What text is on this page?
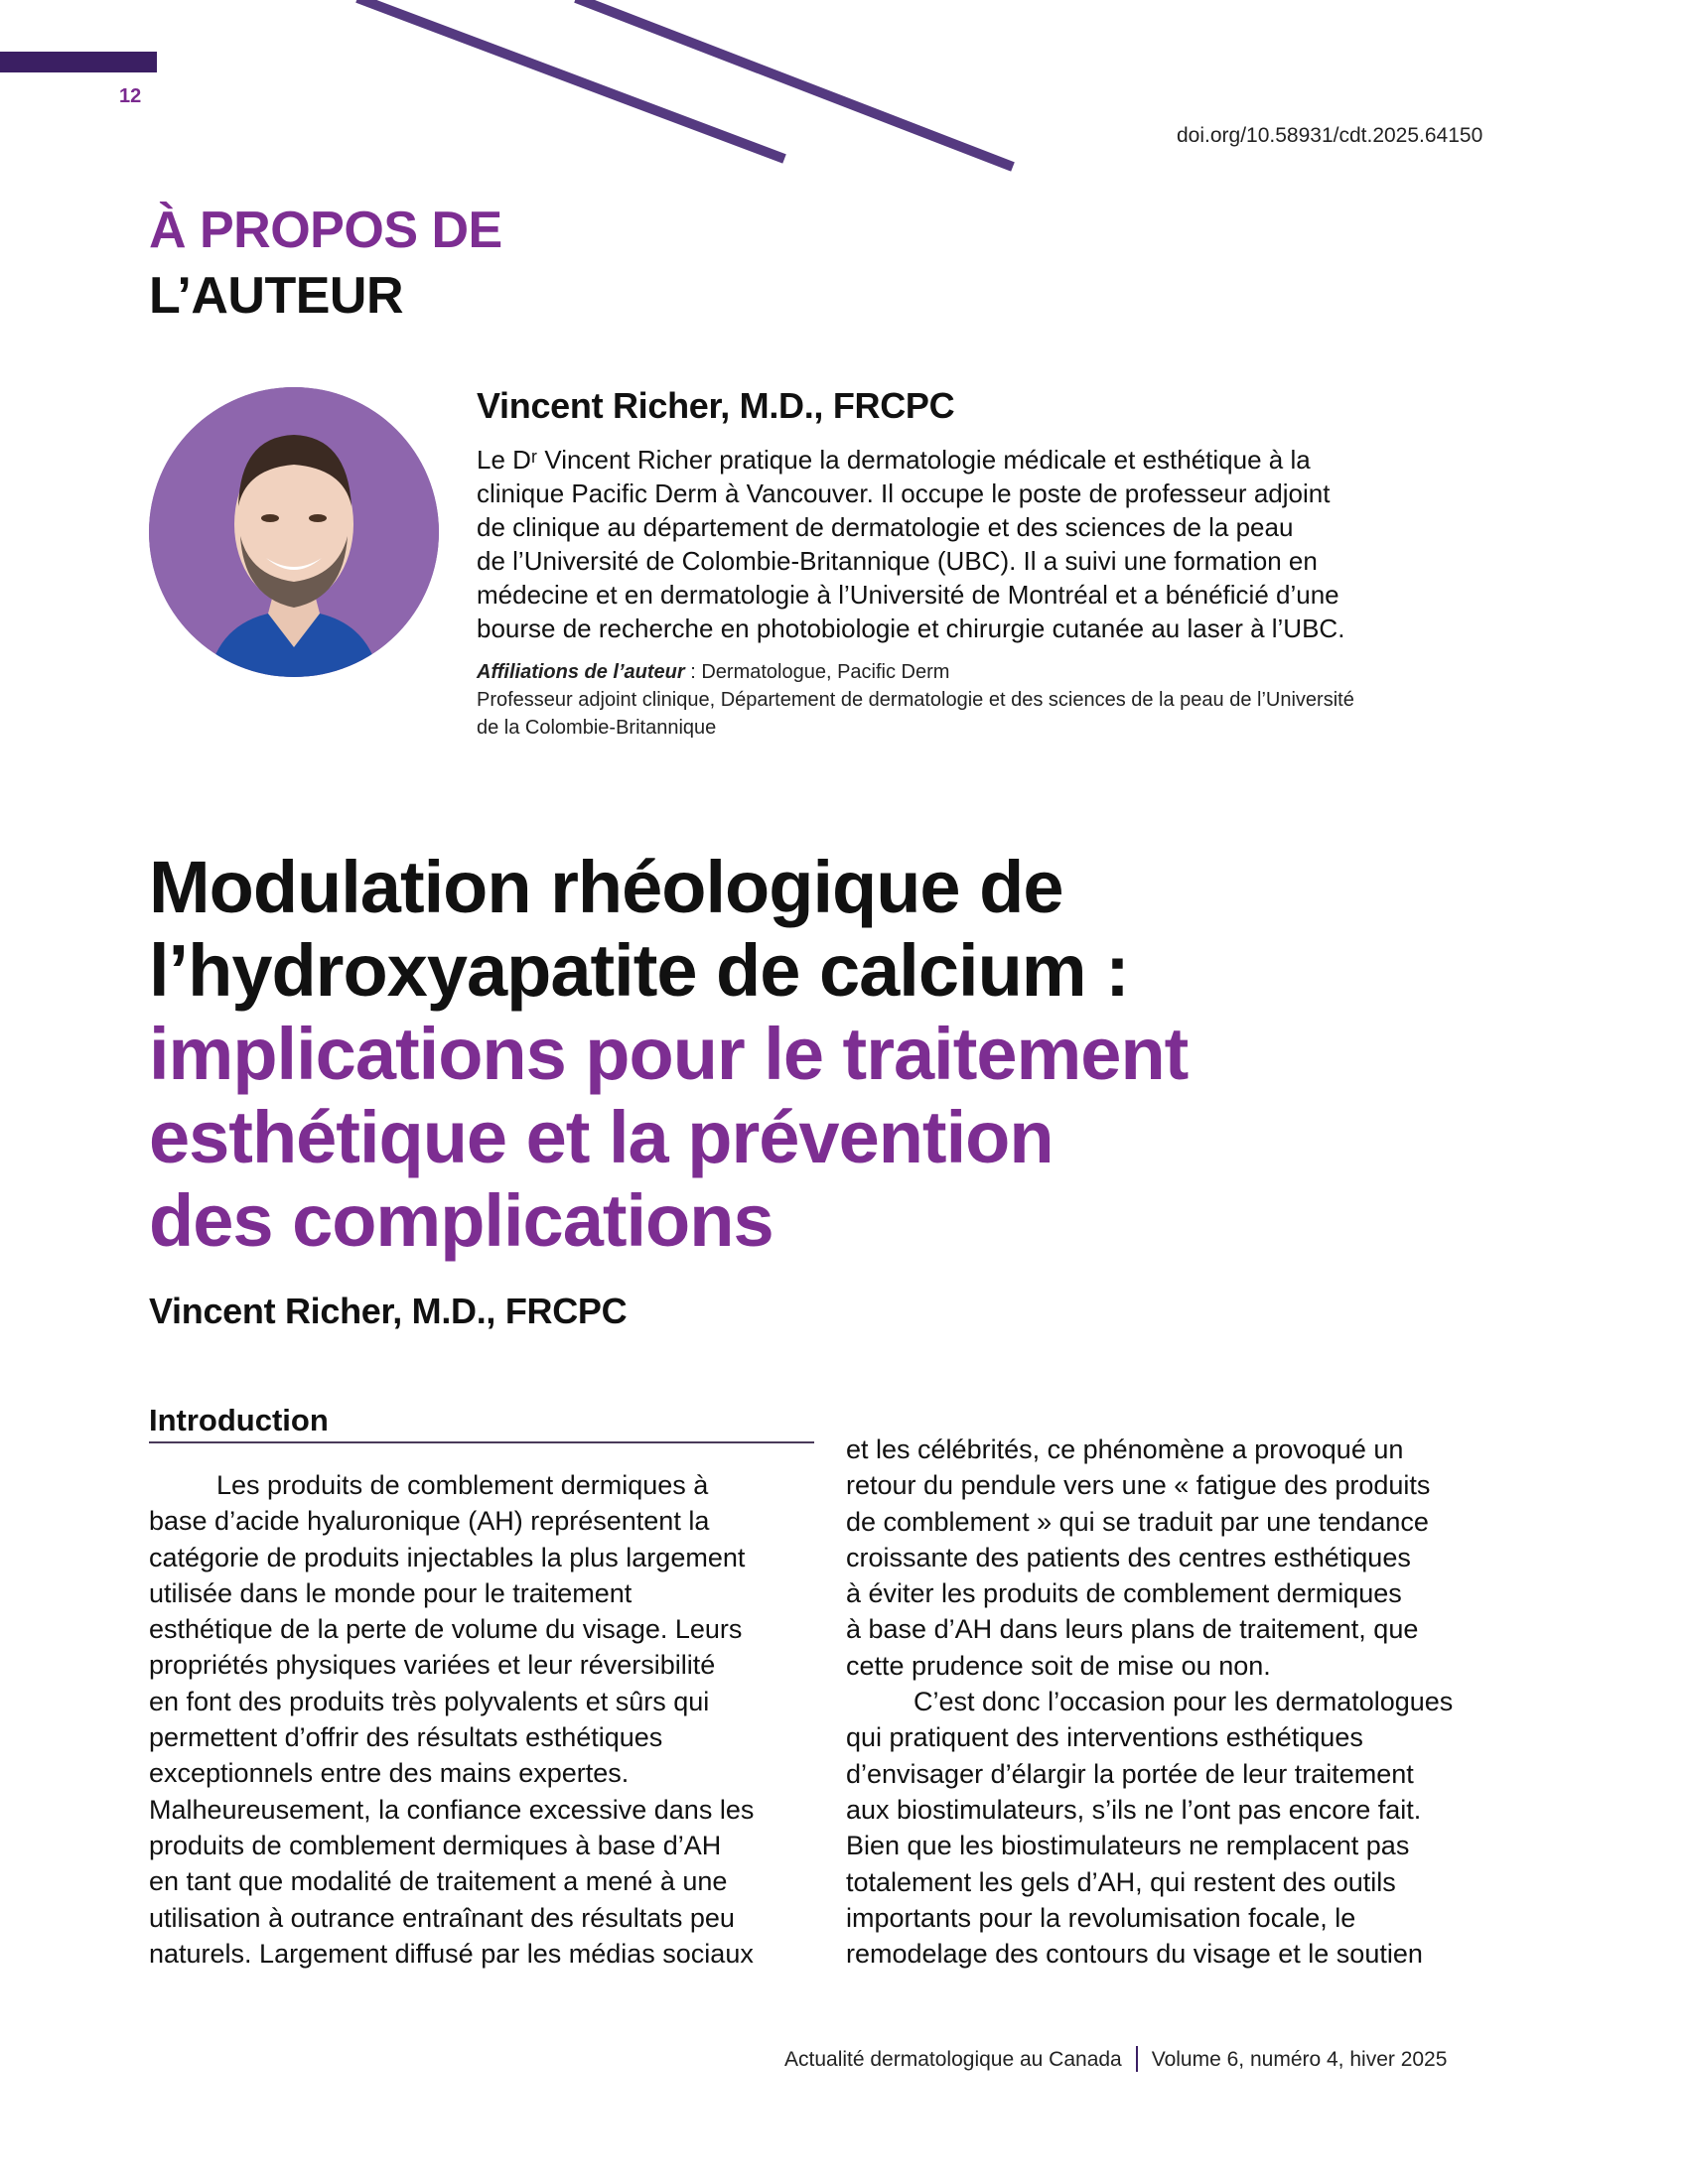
12
doi.org/10.58931/cdt.2025.64150
À PROPOS DE
L’AUTEUR
Vincent Richer, M.D., FRCPC
Le Dʳ Vincent Richer pratique la dermatologie médicale et esthétique à la
clinique Pacific Derm à Vancouver. Il occupe le poste de professeur adjoint
de clinique au département de dermatologie et des sciences de la peau
de l’Université de Colombie-Britannique (UBC). Il a suivi une formation en
médecine et en dermatologie à l’Université de Montréal et a bénéficié d’une
bourse de recherche en photobiologie et chirurgie cutanée au laser à l’UBC.
Affiliations de l’auteur : Dermatologue, Pacific Derm
Professeur adjoint clinique, Département de dermatologie et des sciences de la peau de l’Université
de la Colombie-Britannique
Modulation rhéologique de
l’hydroxyapatite de calcium :
implications pour le traitement
esthétique et la prévention
des complications
Vincent Richer, M.D., FRCPC
Introduction
Les produits de comblement dermiques à
base d’acide hyaluronique (AH) représentent la
catégorie de produits injectables la plus largement
utilisée dans le monde pour le traitement
esthétique de la perte de volume du visage. Leurs
propriétés physiques variées et leur réversibilité
en font des produits très polyvalents et sûrs qui
permettent d’offrir des résultats esthétiques
exceptionnels entre des mains expertes.
Malheureusement, la confiance excessive dans les
produits de comblement dermiques à base d’AH
en tant que modalité de traitement a mené à une
utilisation à outrance entraînant des résultats peu
naturels. Largement diffusé par les médias sociaux
et les célébrités, ce phénomène a provoqué un
retour du pendule vers une « fatigue des produits
de comblement » qui se traduit par une tendance
croissante des patients des centres esthétiques
à éviter les produits de comblement dermiques
à base d’AH dans leurs plans de traitement, que
cette prudence soit de mise ou non.
C’est donc l’occasion pour les dermatologues
qui pratiquent des interventions esthétiques
d’envisager d’élargir la portée de leur traitement
aux biostimulateurs, s’ils ne l’ont pas encore fait.
Bien que les biostimulateurs ne remplacent pas
totalement les gels d’AH, qui restent des outils
importants pour la revolumisation focale, le
remodelage des contours du visage et le soutien
Actualité dermatologique au Canada Volume 6, numéro 4, hiver 2025
